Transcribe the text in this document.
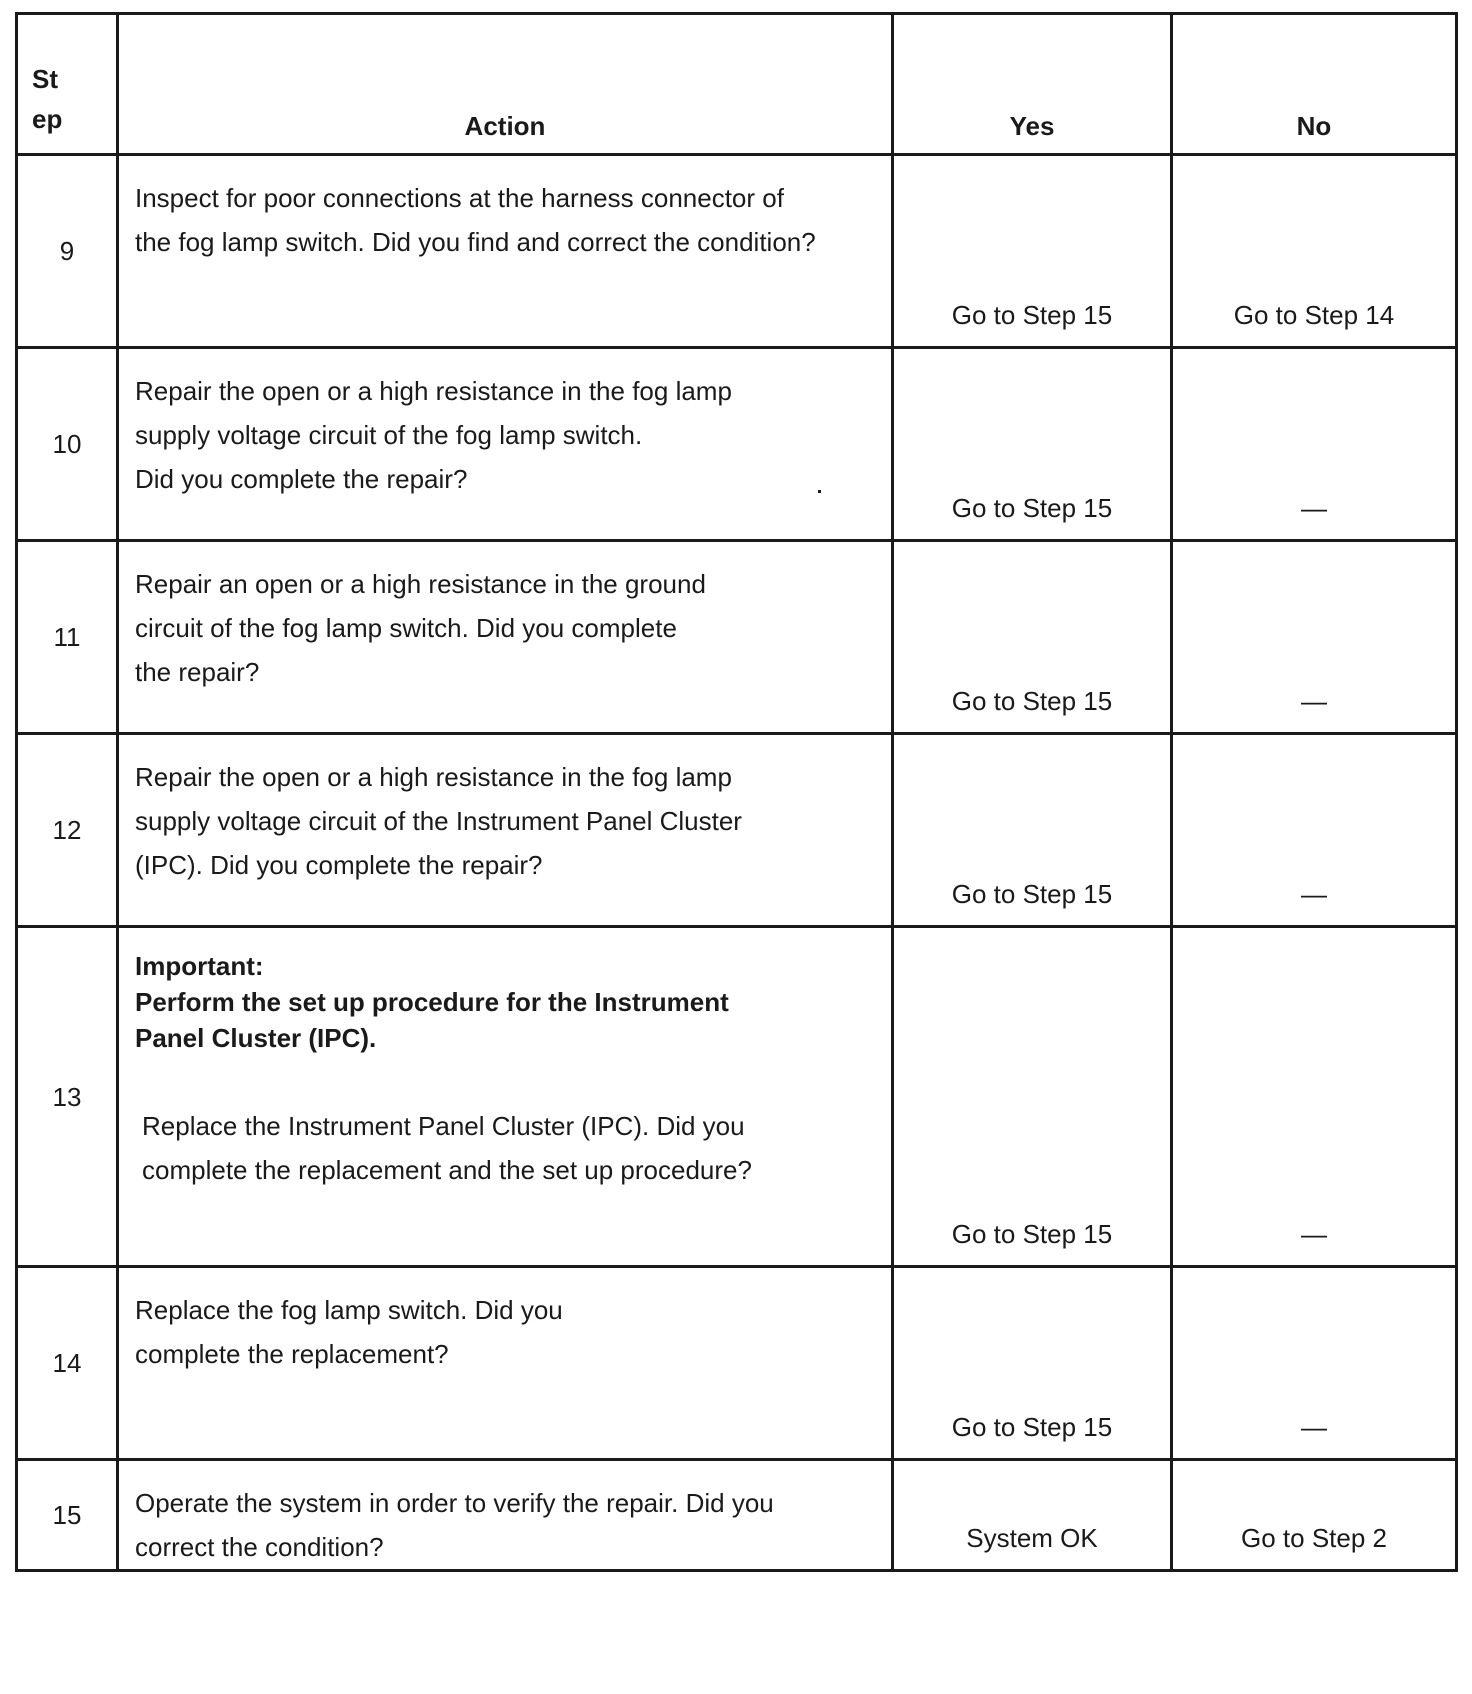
St
ep	Action	Yes	No
9	Inspect for poor connections at the harness connector of
the fog lamp switch. Did you find and correct the condition?	Go to Step 15	Go to Step 14
10	Repair the open or a high resistance in the fog lamp
supply voltage circuit of the fog lamp switch.
Did you complete the repair?	Go to Step 15	—
11	Repair an open or a high resistance in the ground
circuit of the fog lamp switch. Did you complete
the repair?	Go to Step 15	—
12	Repair the open or a high resistance in the fog lamp
supply voltage circuit of the Instrument Panel Cluster
(IPC). Did you complete the repair?	Go to Step 15	—
13	Important:
Perform the set up procedure for the Instrument
Panel Cluster (IPC).
Replace the Instrument Panel Cluster (IPC). Did you
complete the replacement and the set up procedure?	Go to Step 15	—
14	Replace the fog lamp switch. Did you
complete the replacement?	Go to Step 15	—
15	Operate the system in order to verify the repair. Did you
correct the condition?	System OK	Go to Step 2
